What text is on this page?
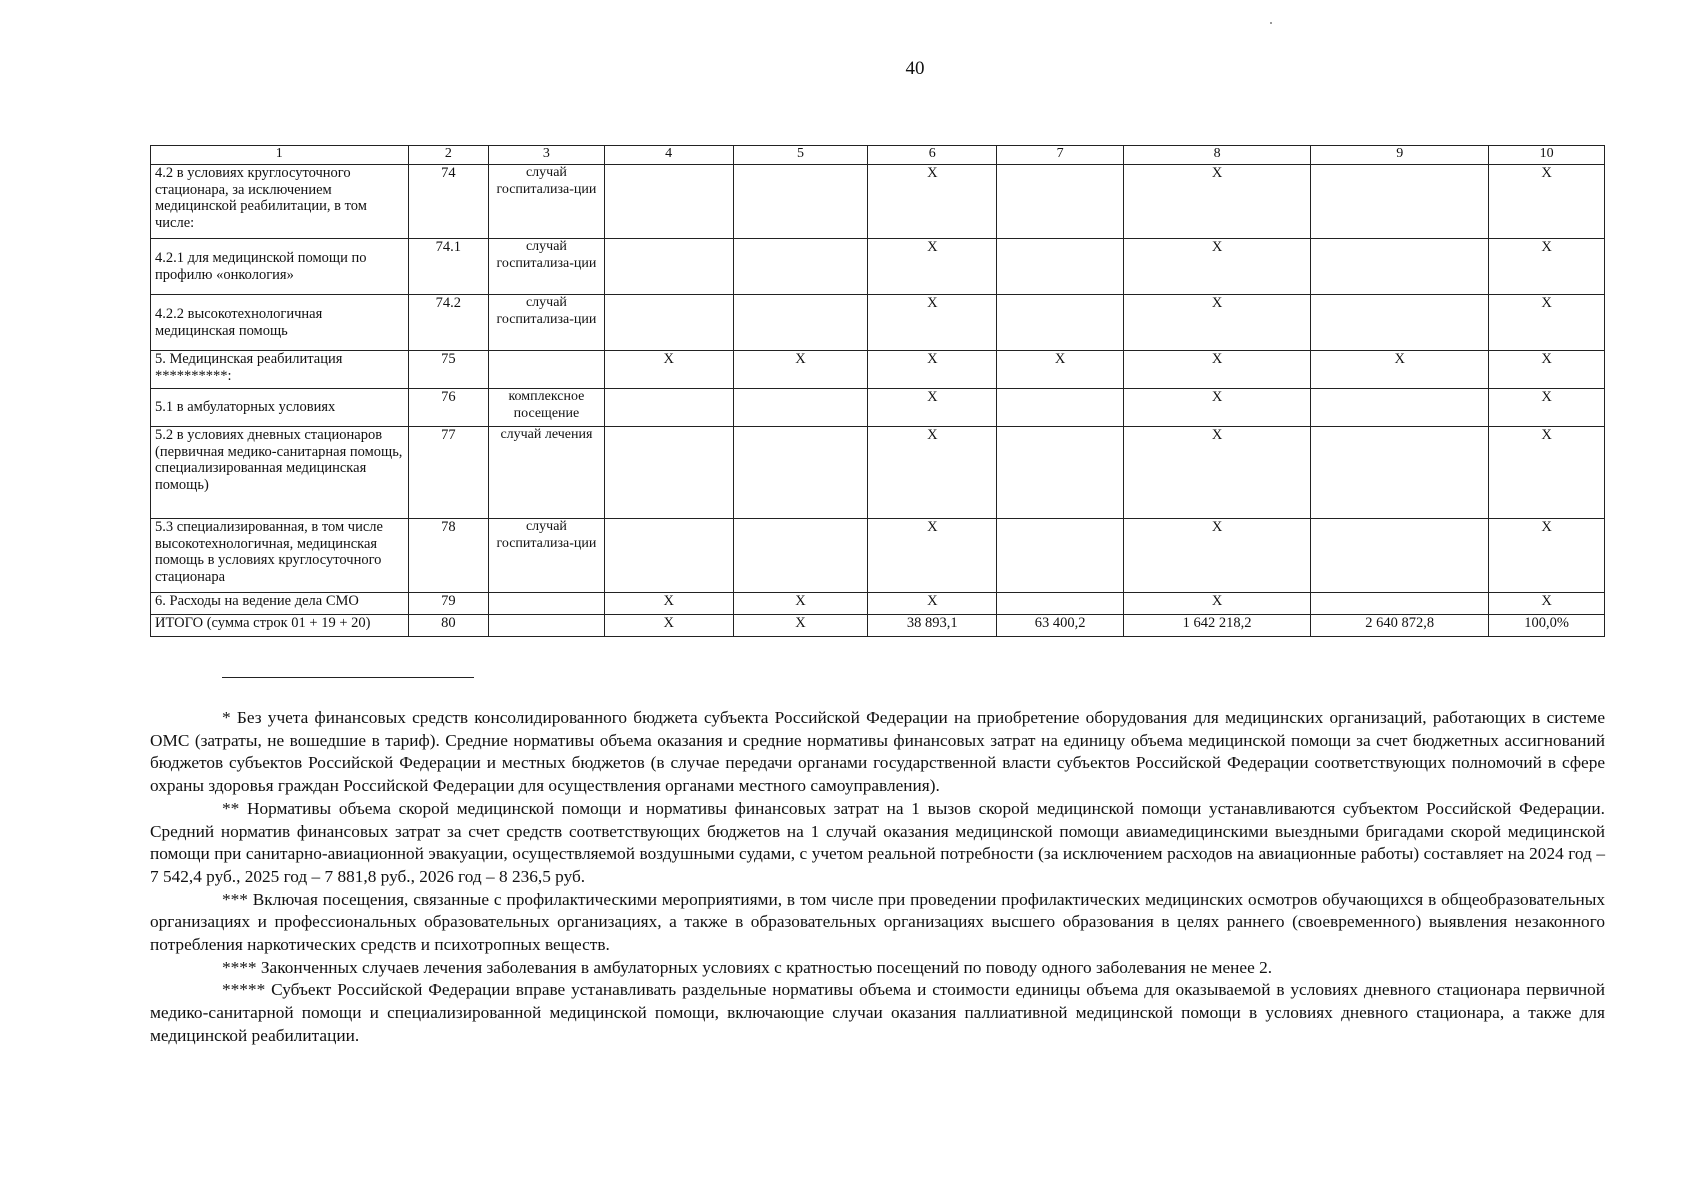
40
1	2	3	4	5	6	7	8	9	10
4.2 в условиях круглосуточного стационара, за исключением медицинской реабилитации, в том числе:	74	случай госпитализа-ции			X		X		X
4.2.1 для медицинской помощи по профилю «онкология»	74.1	случай госпитализа-ции			X		X		X
4.2.2 высокотехнологичная медицинская помощь	74.2	случай госпитализа-ции			X		X		X
5. Медицинская реабилитация **********:	75		X	X	X	X	X	X	X
5.1 в амбулаторных условиях	76	комплексное посещение			X		X		X
5.2 в условиях дневных стационаров (первичная медико-санитарная помощь, специализированная медицинская помощь)	77	случай лечения			X		X		X
5.3 специализированная, в том числе высокотехнологичная, медицинская помощь в условиях круглосуточного стационара	78	случай госпитализа-ции			X		X		X
6. Расходы на ведение дела СМО	79		X	X	X		X		X
ИТОГО (сумма строк 01 + 19 + 20)	80		X	X	38 893,1	63 400,2	1 642 218,2	2 640 872,8	100,0%

* Без учета финансовых средств консолидированного бюджета субъекта Российской Федерации на приобретение оборудования для медицинских организаций, работающих в системе ОМС (затраты, не вошедшие в тариф). Средние нормативы объема оказания и средние нормативы финансовых затрат на единицу объема медицинской помощи за счет бюджетных ассигнований бюджетов субъектов Российской Федерации и местных бюджетов (в случае передачи органами государственной власти субъектов Российской Федерации соответствующих полномочий в сфере охраны здоровья граждан Российской Федерации для осуществления органами местного самоуправления).

** Нормативы объема скорой медицинской помощи и нормативы финансовых затрат на 1 вызов скорой медицинской помощи устанавливаются субъектом Российской Федерации. Средний норматив финансовых затрат за счет средств соответствующих бюджетов на 1 случай оказания медицинской помощи авиамедицинскими выездными бригадами скорой медицинской помощи при санитарно-авиационной эвакуации, осуществляемой воздушными судами, с учетом реальной потребности (за исключением расходов на авиационные работы) составляет на 2024 год – 7 542,4 руб., 2025 год – 7 881,8 руб., 2026 год – 8 236,5 руб.

*** Включая посещения, связанные с профилактическими мероприятиями, в том числе при проведении профилактических медицинских осмотров обучающихся в общеобразовательных организациях и профессиональных образовательных организациях, а также в образовательных организациях высшего образования в целях раннего (своевременного) выявления незаконного потребления наркотических средств и психотропных веществ.

**** Законченных случаев лечения заболевания в амбулаторных условиях с кратностью посещений по поводу одного заболевания не менее 2.

***** Субъект Российской Федерации вправе устанавливать раздельные нормативы объема и стоимости единицы объема для оказываемой в условиях дневного стационара первичной медико-санитарной помощи и специализированной медицинской помощи, включающие случаи оказания паллиативной медицинской помощи в условиях дневного стационара, а также для медицинской реабилитации.
